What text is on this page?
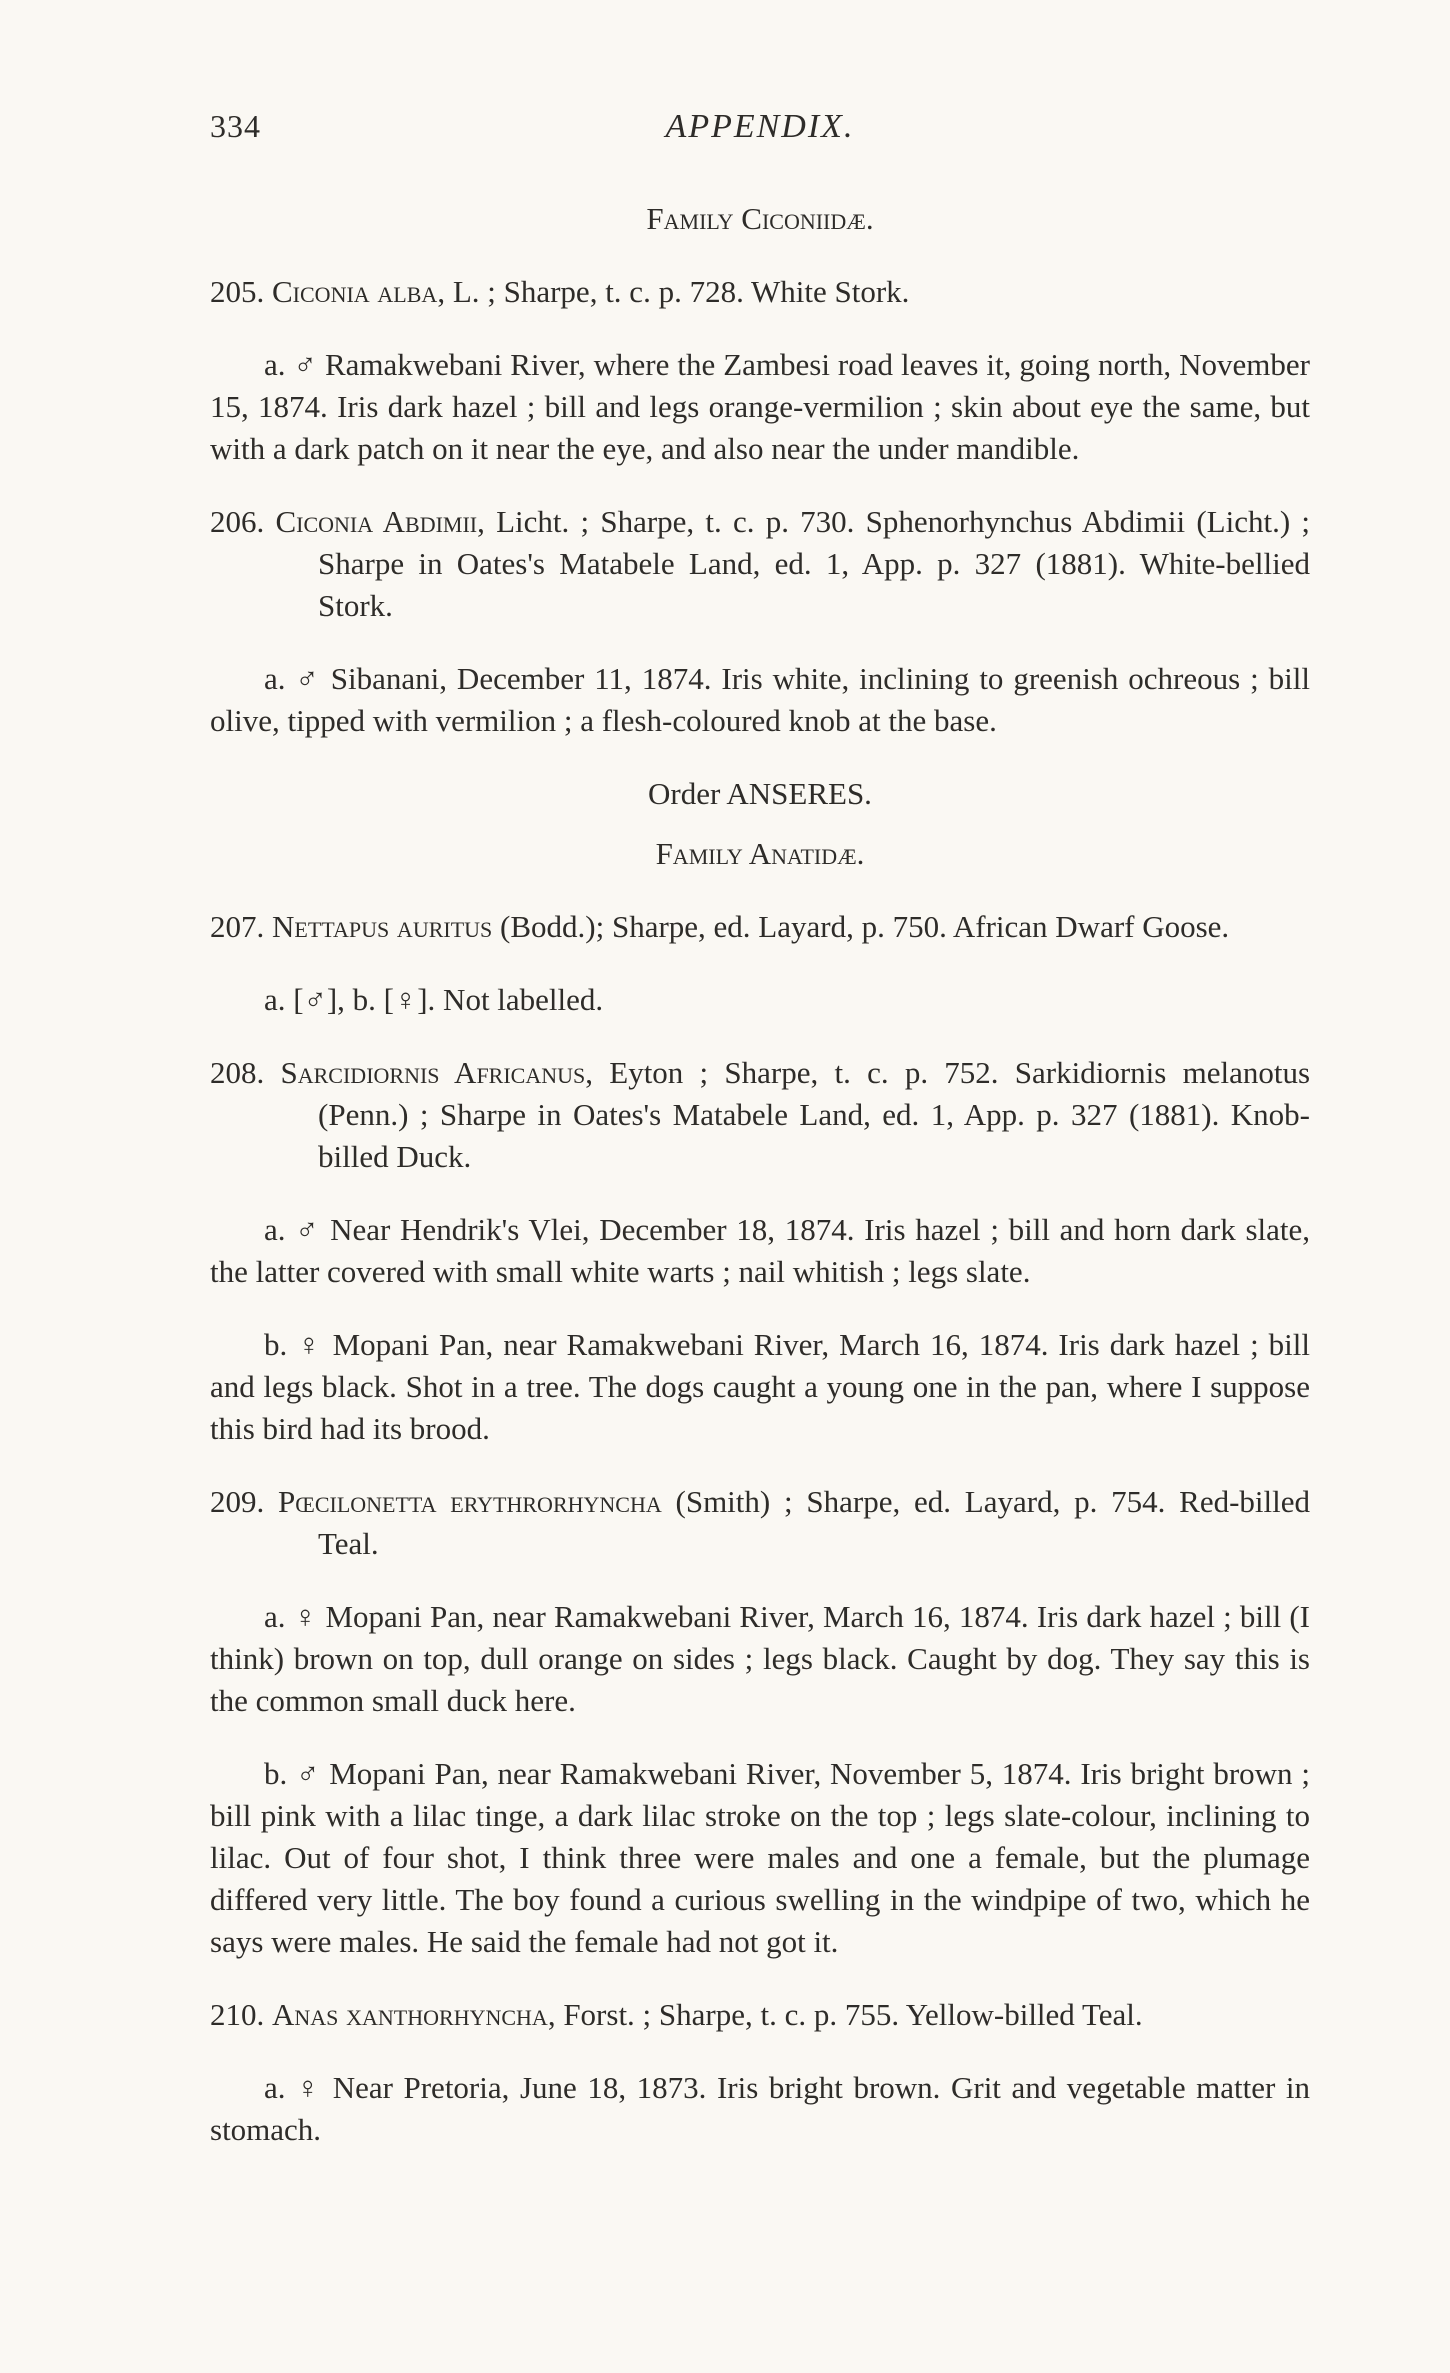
334	APPENDIX.

Family Ciconiidæ.

205. Ciconia alba, L. ; Sharpe, t. c. p. 728. White Stork.

a. ♂ Ramakwebani River, where the Zambesi road leaves it, going north, November 15, 1874. Iris dark hazel ; bill and legs orange-vermilion ; skin about eye the same, but with a dark patch on it near the eye, and also near the under mandible.

206. Ciconia Abdimii, Licht. ; Sharpe, t. c. p. 730. Sphenorhynchus Abdimii (Licht.) ; Sharpe in Oates's Matabele Land, ed. 1, App. p. 327 (1881). White-bellied Stork.

a. ♂ Sibanani, December 11, 1874. Iris white, inclining to greenish ochreous ; bill olive, tipped with vermilion ; a flesh-coloured knob at the base.

Order ANSERES.

Family Anatidæ.

207. Nettapus auritus (Bodd.); Sharpe, ed. Layard, p. 750. African Dwarf Goose.

a. [♂], b. [♀]. Not labelled.

208. Sarcidiornis Africanus, Eyton ; Sharpe, t. c. p. 752. Sarkidiornis melanotus (Penn.) ; Sharpe in Oates's Matabele Land, ed. 1, App. p. 327 (1881). Knob-billed Duck.

a. ♂ Near Hendrik's Vlei, December 18, 1874. Iris hazel ; bill and horn dark slate, the latter covered with small white warts ; nail whitish ; legs slate.

b. ♀ Mopani Pan, near Ramakwebani River, March 16, 1874. Iris dark hazel ; bill and legs black. Shot in a tree. The dogs caught a young one in the pan, where I suppose this bird had its brood.

209. Pœcilonetta erythrorhyncha (Smith) ; Sharpe, ed. Layard, p. 754. Red-billed Teal.

a. ♀ Mopani Pan, near Ramakwebani River, March 16, 1874. Iris dark hazel ; bill (I think) brown on top, dull orange on sides ; legs black. Caught by dog. They say this is the common small duck here.

b. ♂ Mopani Pan, near Ramakwebani River, November 5, 1874. Iris bright brown ; bill pink with a lilac tinge, a dark lilac stroke on the top ; legs slate-colour, inclining to lilac. Out of four shot, I think three were males and one a female, but the plumage differed very little. The boy found a curious swelling in the windpipe of two, which he says were males. He said the female had not got it.

210. Anas xanthorhyncha, Forst. ; Sharpe, t. c. p. 755. Yellow-billed Teal.

a. ♀ Near Pretoria, June 18, 1873. Iris bright brown. Grit and vegetable matter in stomach.
